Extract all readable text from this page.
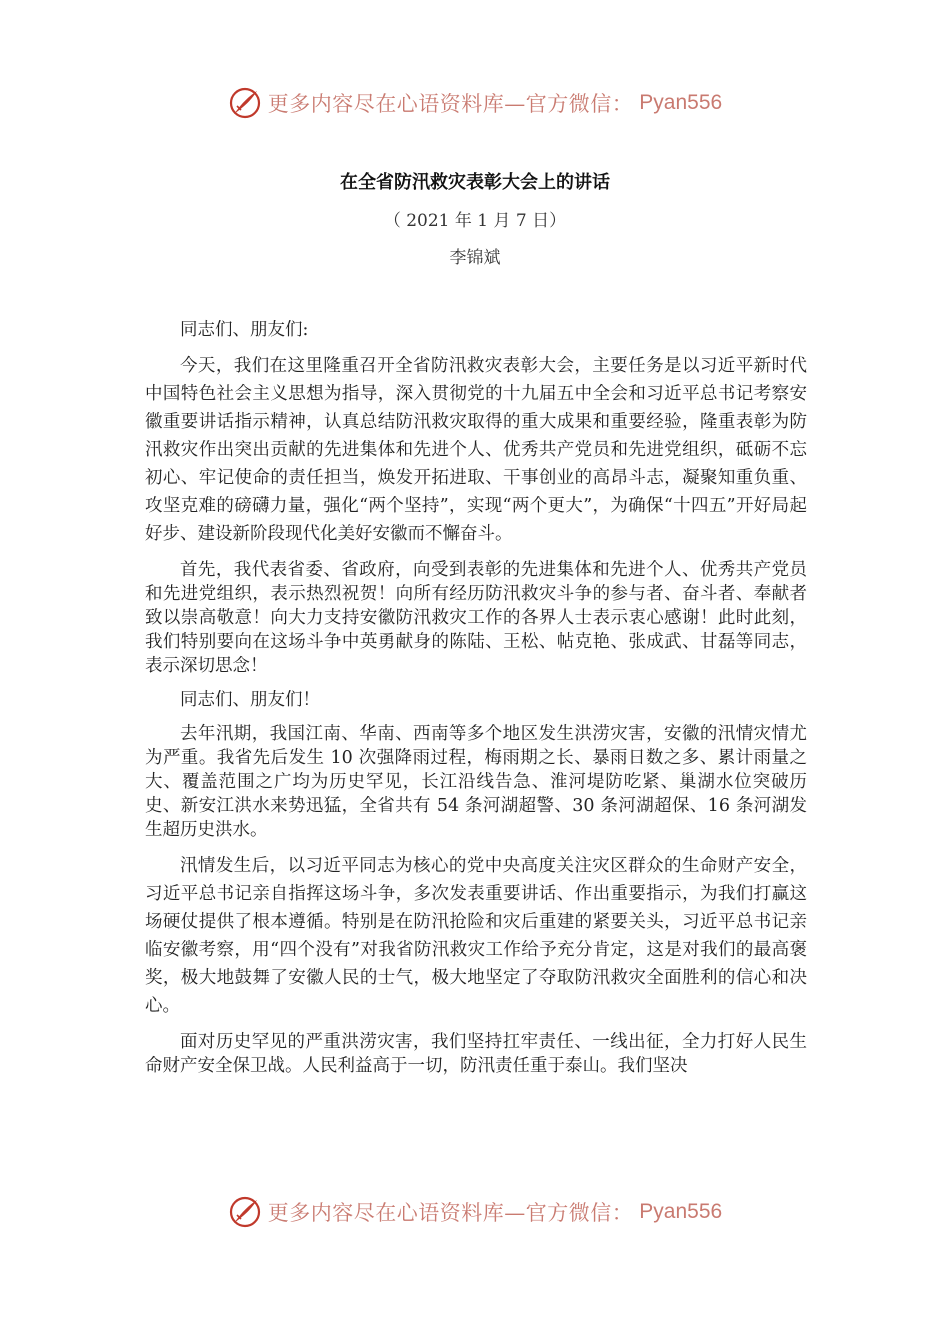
更多内容尽在心语资料库—官方微信： Pyan556
在全省防汛救灾表彰大会上的讲话
（ 2021 年 1 月 7 日）
李锦斌

同志们、朋友们:

今天，我们在这里隆重召开全省防汛救灾表彰大会，主要任务是以习近平新时代中国特色社会主义思想为指导，深入贯彻党的十九届五中全会和习近平总书记考察安徽重要讲话指示精神，认真总结防汛救灾取得的重大成果和重要经验，隆重表彰为防汛救灾作出突出贡献的先进集体和先进个人、优秀共产党员和先进党组织，砥砺不忘初心、牢记使命的责任担当，焕发开拓进取、干事创业的高昂斗志，凝聚知重负重、攻坚克难的磅礴力量，强化“两个坚持”，实现“两个更大”，为确保“十四五”开好局起好步、建设新阶段现代化美好安徽而不懈奋斗。

首先，我代表省委、省政府，向受到表彰的先进集体和先进个人、优秀共产党员和先进党组织，表示热烈祝贺！向所有经历防汛救灾斗争的参与者、奋斗者、奉献者致以崇高敬意！向大力支持安徽防汛救灾工作的各界人士表示衷心感谢！此时此刻，我们特别要向在这场斗争中英勇献身的陈陆、王松、帖克艳、张成武、甘磊等同志，表示深切思念！

同志们、朋友们！

去年汛期，我国江南、华南、西南等多个地区发生洪涝灾害，安徽的汛情灾情尤为严重。我省先后发生 10 次强降雨过程，梅雨期之长、暴雨日数之多、累计雨量之大、覆盖范围之广均为历史罕见，长江沿线告急、淮河堤防吃紧、巢湖水位突破历史、新安江洪水来势迅猛，全省共有 54 条河湖超警、30 条河湖超保、16 条河湖发生超历史洪水。

汛情发生后，以习近平同志为核心的党中央高度关注灾区群众的生命财产安全，习近平总书记亲自指挥这场斗争，多次发表重要讲话、作出重要指示，为我们打赢这场硬仗提供了根本遵循。特别是在防汛抢险和灾后重建的紧要关头，习近平总书记亲临安徽考察，用“四个没有”对我省防汛救灾工作给予充分肯定，这是对我们的最高褒奖，极大地鼓舞了安徽人民的士气，极大地坚定了夺取防汛救灾全面胜利的信心和决心。

面对历史罕见的严重洪涝灾害，我们坚持扛牢责任、一线出征，全力打好人民生命财产安全保卫战。人民利益高于一切，防汛责任重于泰山。我们坚决

更多内容尽在心语资料库—官方微信： Pyan556
